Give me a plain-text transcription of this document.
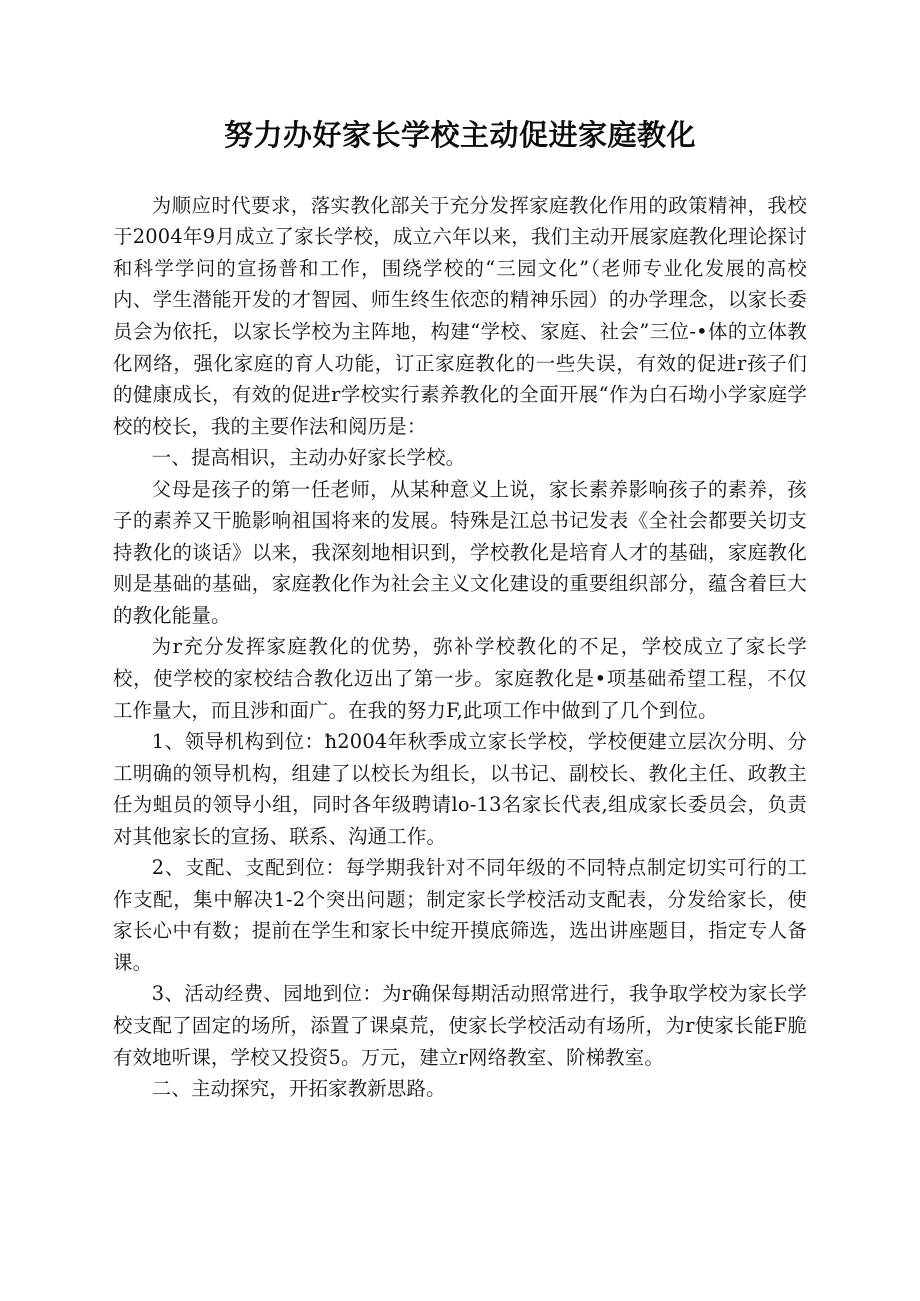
努力办好家长学校主动促进家庭教化

为顺应时代要求，落实教化部关于充分发挥家庭教化作用的政策精神，我校于2004年9月成立了家长学校，成立六年以来，我们主动开展家庭教化理论探讨和科学学问的宣扬普和工作，围绕学校的“三园文化”（老师专业化发展的高校内、学生潜能开发的才智园、师生终生依恋的精神乐园）的办学理念，以家长委员会为依托，以家长学校为主阵地，构建“学校、家庭、社会”三位-•体的立体教化网络，强化家庭的育人功能，订正家庭教化的一些失误，有效的促进r孩子们的健康成长，有效的促进r学校实行素养教化的全面开展“作为白石坳小学家庭学校的校长，我的主要作法和阅历是：

一、提高相识，主动办好家长学校。

父母是孩子的第一任老师，从某种意义上说，家长素养影响孩子的素养，孩子的素养又干脆影响祖国将来的发展。特殊是江总书记发表《全社会都要关切支持教化的谈话》以来，我深刻地相识到，学校教化是培育人才的基础，家庭教化则是基础的基础，家庭教化作为社会主义文化建设的重要组织部分，蕴含着巨大的教化能量。

为r充分发挥家庭教化的优势，弥补学校教化的不足，学校成立了家长学校，使学校的家校结合教化迈出了第一步。家庭教化是•项基础希望工程，不仅工作量大，而且涉和面广。在我的努力F,此项工作中做到了几个到位。

1、领导机构到位：ħ2004年秋季成立家长学校，学校便建立层次分明、分工明确的领导机构，组建了以校长为组长，以书记、副校长、教化主任、政教主任为蛆员的领导小组，同时各年级聘请lo-13名家长代表,组成家长委员会，负责对其他家长的宣扬、联系、沟通工作。

2、支配、支配到位：每学期我针对不同年级的不同特点制定切实可行的工作支配，集中解决1-2个突出问题；制定家长学校活动支配表，分发给家长，使家长心中有数；提前在学生和家长中绽开摸底筛选，选出讲座题目，指定专人备课。

3、活动经费、园地到位：为r确保每期活动照常进行，我争取学校为家长学校支配了固定的场所，添置了课桌荒，使家长学校活动有场所，为r使家长能F脆有效地听课，学校又投资5。万元，建立r网络教室、阶梯教室。

二、主动探究，开拓家教新思路。
